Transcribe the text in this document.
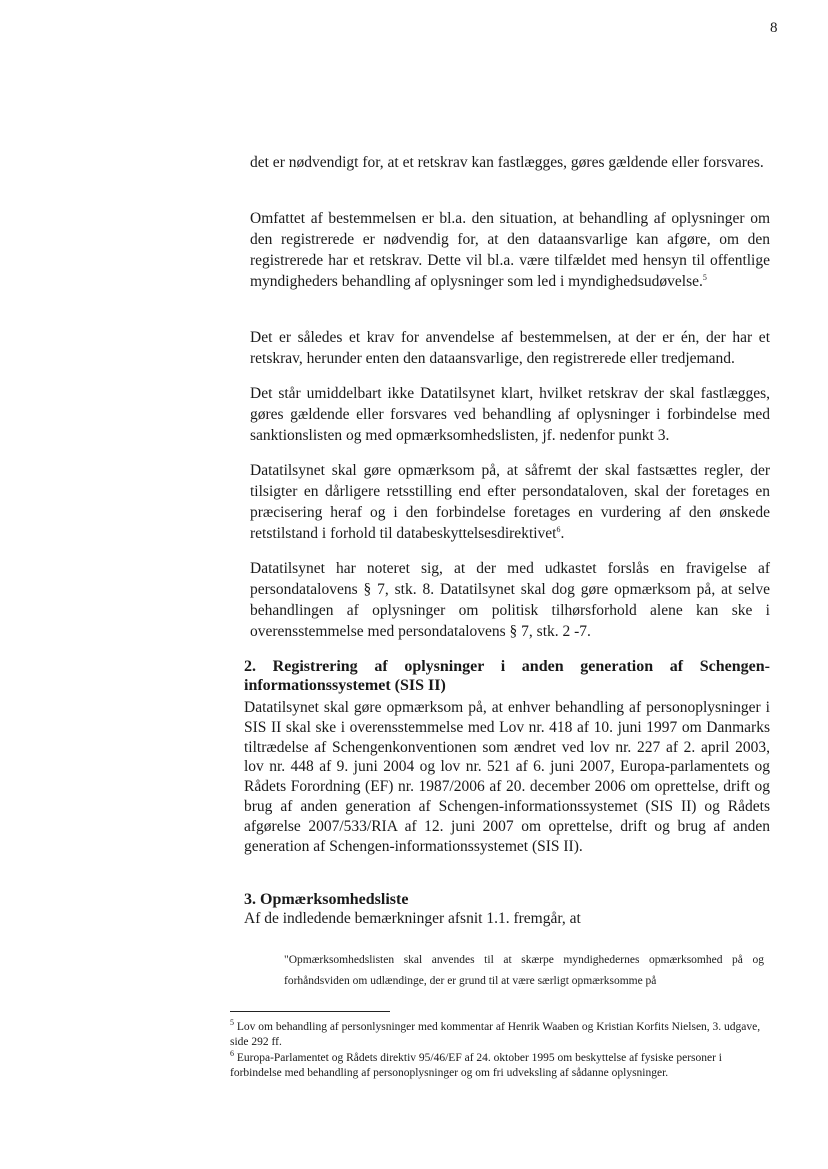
8

det er nødvendigt for, at et retskrav kan fastlægges, gøres gældende eller forsvares.

Omfattet af bestemmelsen er bl.a. den situation, at behandling af oplysninger om den registrerede er nødvendig for, at den dataansvarlige kan afgøre, om den registrerede har et retskrav. Dette vil bl.a. være tilfældet med hensyn til offentlige myndigheders behandling af oplysninger som led i myndighedsudøvelse.$^5$

Det er således et krav for anvendelse af bestemmelsen, at der er én, der har et retskrav, herunder enten den dataansvarlige, den registrerede eller tredjemand.

Det står umiddelbart ikke Datatilsynet klart, hvilket retskrav der skal fastlægges, gøres gældende eller forsvares ved behandling af oplysninger i forbindelse med sanktionslisten og med opmærksomhedslisten, jf. nedenfor punkt 3.

Datatilsynet skal gøre opmærksom på, at såfremt der skal fastsættes regler, der tilsigter en dårligere retsstilling end efter persondataloven, skal der foretages en præcisering heraf og i den forbindelse foretages en vurdering af den ønskede retstilstand i forhold til databeskyttelsesdirektivet$^6$.

Datatilsynet har noteret sig, at der med udkastet forslås en fravigelse af persondatalovens § 7, stk. 8. Datatilsynet skal dog gøre opmærksom på, at selve behandlingen af oplysninger om politisk tilhørsforhold alene kan ske i overensstemmelse med persondatalovens § 7, stk. 2 -7.

2. Registrering af oplysninger i anden generation af Schengen-informationssystemet (SIS II)

Datatilsynet skal gøre opmærksom på, at enhver behandling af personoplysninger i SIS II skal ske i overensstemmelse med Lov nr. 418 af 10. juni 1997 om Danmarks tiltrædelse af Schengenkonventionen som ændret ved lov nr. 227 af 2. april 2003, lov nr. 448 af 9. juni 2004 og lov nr. 521 af 6. juni 2007, Europa-parlamentets og Rådets Forordning (EF) nr. 1987/2006 af 20. december 2006 om oprettelse, drift og brug af anden generation af Schengen-informationssystemet (SIS II) og Rådets afgørelse 2007/533/RIA af 12. juni 2007 om oprettelse, drift og brug af anden generation af Schengen-informationssystemet (SIS II).

3. Opmærksomhedsliste

Af de indledende bemærkninger afsnit 1.1. fremgår, at

"Opmærksomhedslisten skal anvendes til at skærpe myndighedernes opmærksomhed på og forhåndsviden om udlændinge, der er grund til at være særligt opmærksomme på

$^5$ Lov om behandling af personlysninger med kommentar af Henrik Waaben og Kristian Korfits Nielsen, 3. udgave, side 292 ff.

$^6$ Europa-Parlamentet og Rådets direktiv 95/46/EF af 24. oktober 1995 om beskyttelse af fysiske personer i forbindelse med behandling af personoplysninger og om fri udveksling af sådanne oplysninger.
